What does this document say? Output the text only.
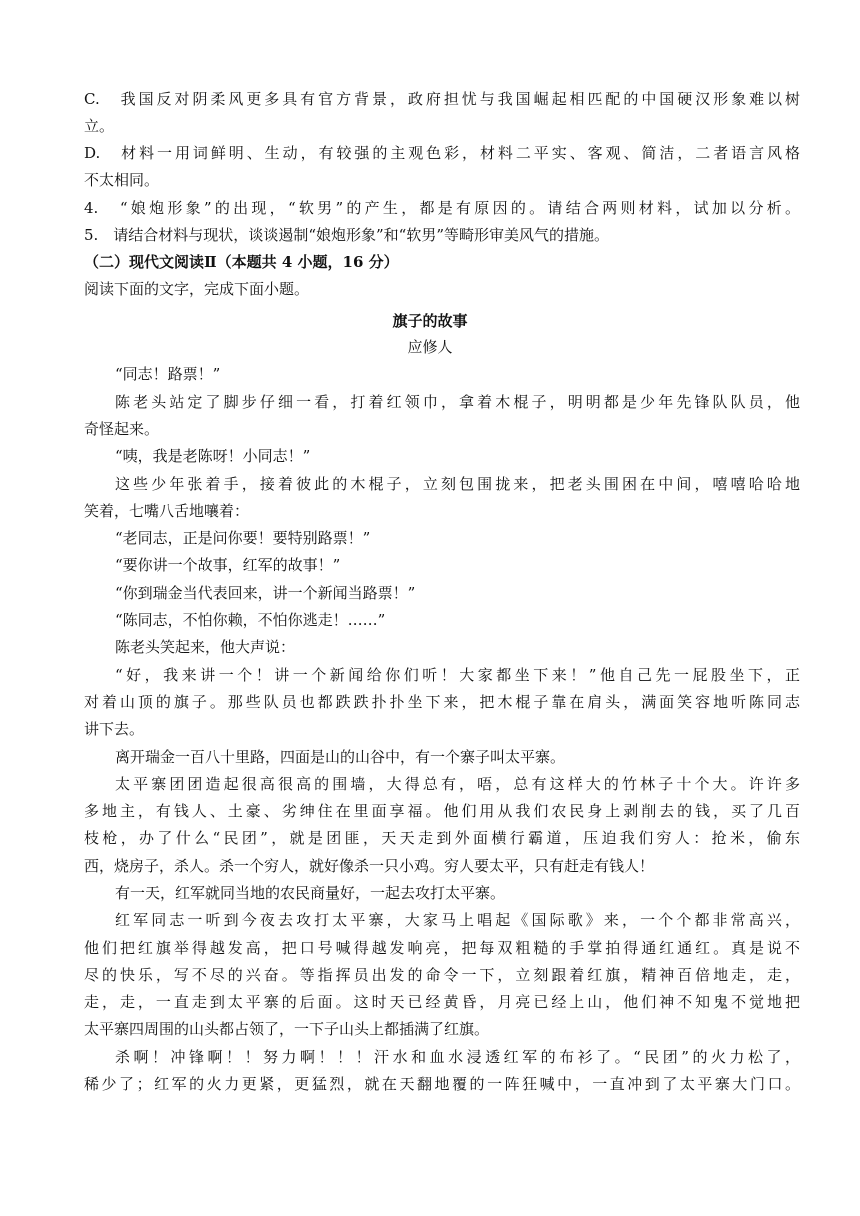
C.　我国反对阴柔风更多具有官方背景，政府担忧与我国崛起相匹配的中国硬汉形象难以树
立。
D.　材料一用词鲜明、生动，有较强的主观色彩，材料二平实、客观、简洁，二者语言风格
不太相同。
4.　“娘炮形象”的出现，“软男”的产生，都是有原因的。请结合两则材料，试加以分析。
5.　请结合材料与现状，谈谈遏制“娘炮形象”和“软男”等畸形审美风气的措施。
（二）现代文阅读Ⅱ（本题共 4 小题，16 分）
阅读下面的文字，完成下面小题。
旗子的故事
应修人
“同志！路票！”
陈老头站定了脚步仔细一看，打着红领巾，拿着木棍子，明明都是少年先锋队队员，他
奇怪起来。
“咦，我是老陈呀！小同志！”
这些少年张着手，接着彼此的木棍子，立刻包围拢来，把老头围困在中间，嘻嘻哈哈地
笑着，七嘴八舌地嚷着：
“老同志，正是问你要！要特别路票！”
“要你讲一个故事，红军的故事！”
“你到瑞金当代表回来，讲一个新闻当路票！”
“陈同志，不怕你赖，不怕你逃走！……”
陈老头笑起来，他大声说：
“好，我来讲一个！讲一个新闻给你们听！大家都坐下来！”他自己先一屁股坐下，正
对着山顶的旗子。那些队员也都跌跌扑扑坐下来，把木棍子靠在肩头，满面笑容地听陈同志
讲下去。
离开瑞金一百八十里路，四面是山的山谷中，有一个寨子叫太平寨。
太平寨团团造起很高很高的围墙，大得总有，唔，总有这样大的竹林子十个大。许许多
多地主，有钱人、土豪、劣绅住在里面享福。他们用从我们农民身上剥削去的钱，买了几百
枝枪，办了什么“民团”，就是团匪，天天走到外面横行霸道，压迫我们穷人：抢米，偷东
西，烧房子，杀人。杀一个穷人，就好像杀一只小鸡。穷人要太平，只有赶走有钱人！
有一天，红军就同当地的农民商量好，一起去攻打太平寨。
红军同志一听到今夜去攻打太平寨，大家马上唱起《国际歌》来，一个个都非常高兴，
他们把红旗举得越发高，把口号喊得越发响亮，把每双粗糙的手掌拍得通红通红。真是说不
尽的快乐，写不尽的兴奋。等指挥员出发的命令一下，立刻跟着红旗，精神百倍地走，走，
走，走，一直走到太平寨的后面。这时天已经黄昏，月亮已经上山，他们神不知鬼不觉地把
太平寨四周围的山头都占领了，一下子山头上都插满了红旗。
杀啊！冲锋啊！！努力啊！！！汗水和血水浸透红军的布衫了。“民团”的火力松了，
稀少了；红军的火力更紧，更猛烈，就在天翻地覆的一阵狂喊中，一直冲到了太平寨大门口。
